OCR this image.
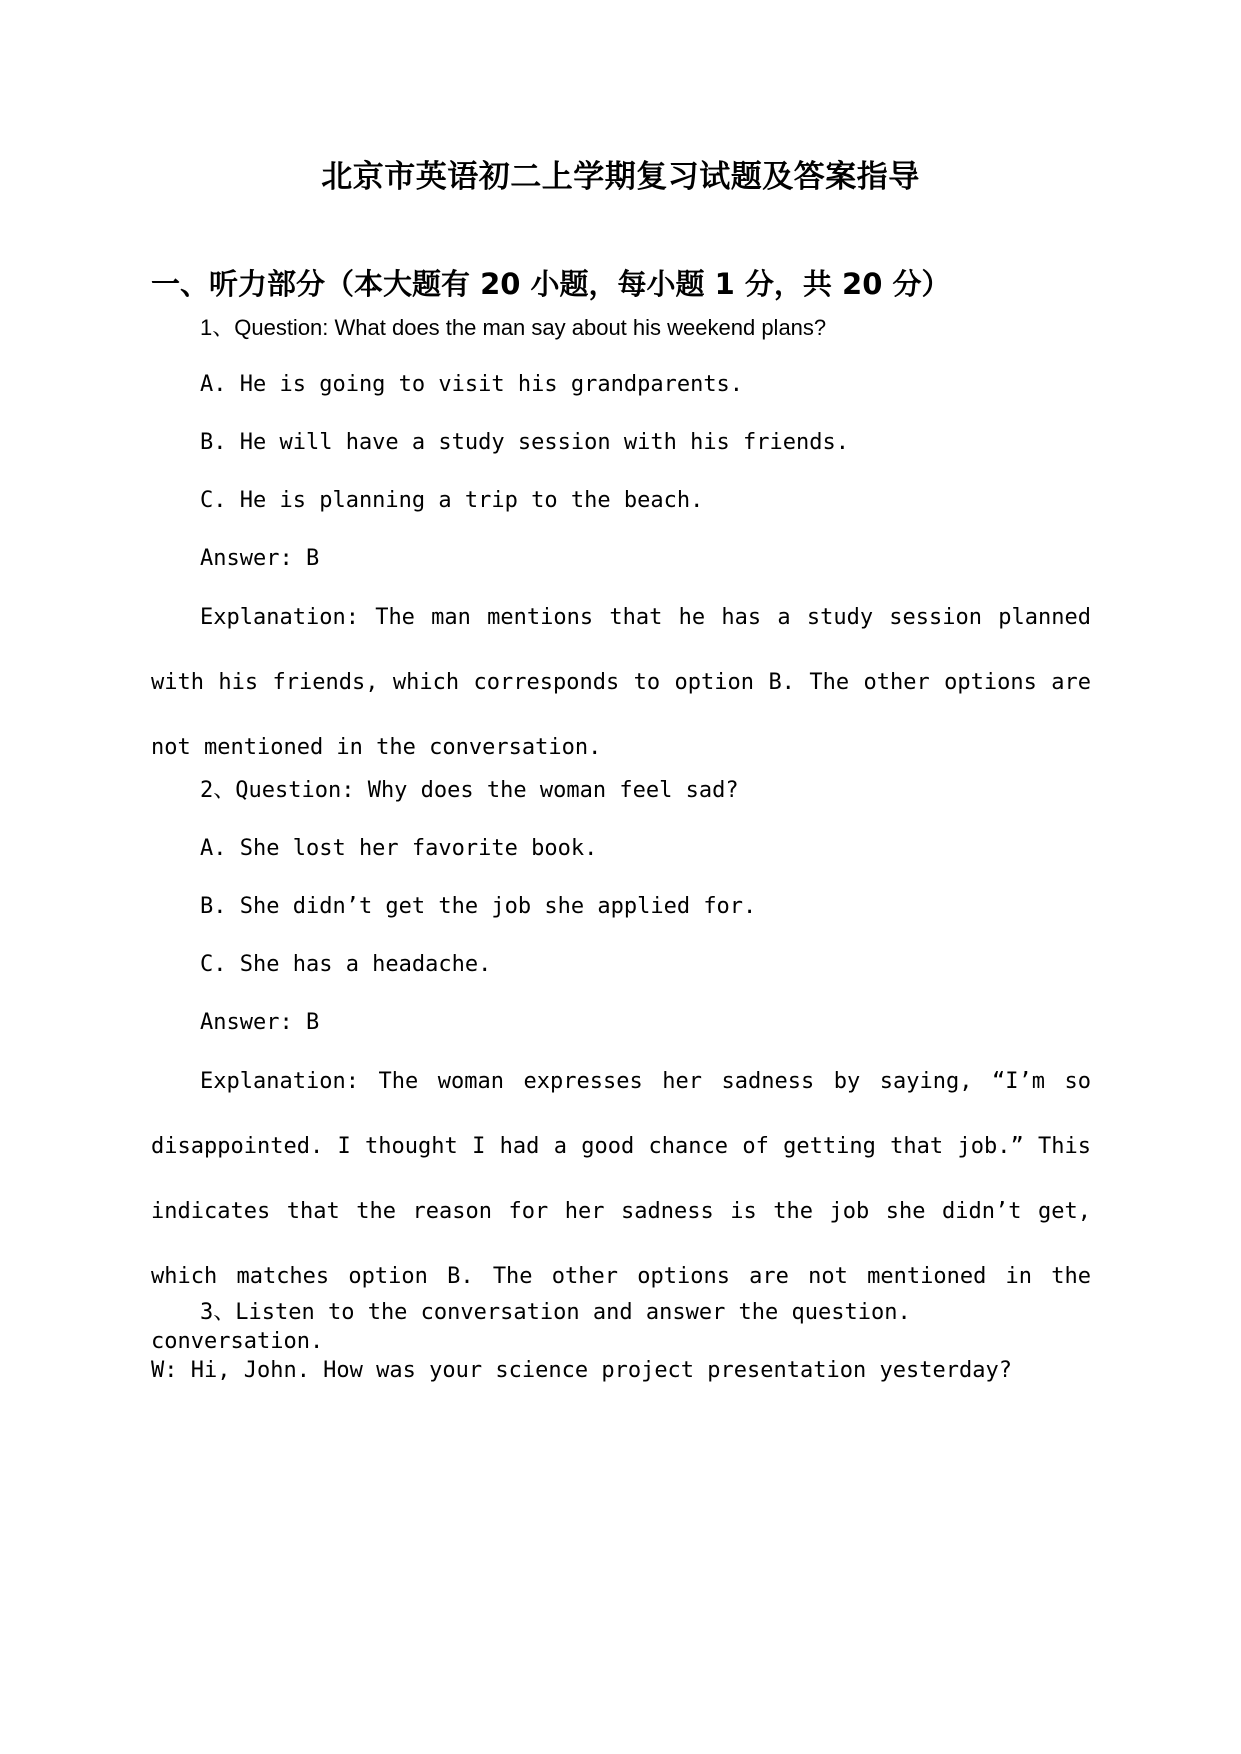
北京市英语初二上学期复习试题及答案指导
一、听力部分（本大题有 20 小题，每小题 1 分，共 20 分）

1、Question: What does the man say about his weekend plans?

A. He is going to visit his grandparents.

B. He will have a study session with his friends.

C. He is planning a trip to the beach.

Answer: B

Explanation: The man mentions that he has a study session planned with his friends, which corresponds to option B. The other options are not mentioned in the conversation.

2、Question: Why does the woman feel sad?

A. She lost her favorite book.

B. She didn’t get the job she applied for.

C. She has a headache.

Answer: B

Explanation: The woman expresses her sadness by saying, “I’m so disappointed. I thought I had a good chance of getting that job.” This indicates that the reason for her sadness is the job she didn’t get, which matches option B. The other options are not mentioned in the conversation.

3、Listen to the conversation and answer the question.

W: Hi, John. How was your science project presentation yesterday?
